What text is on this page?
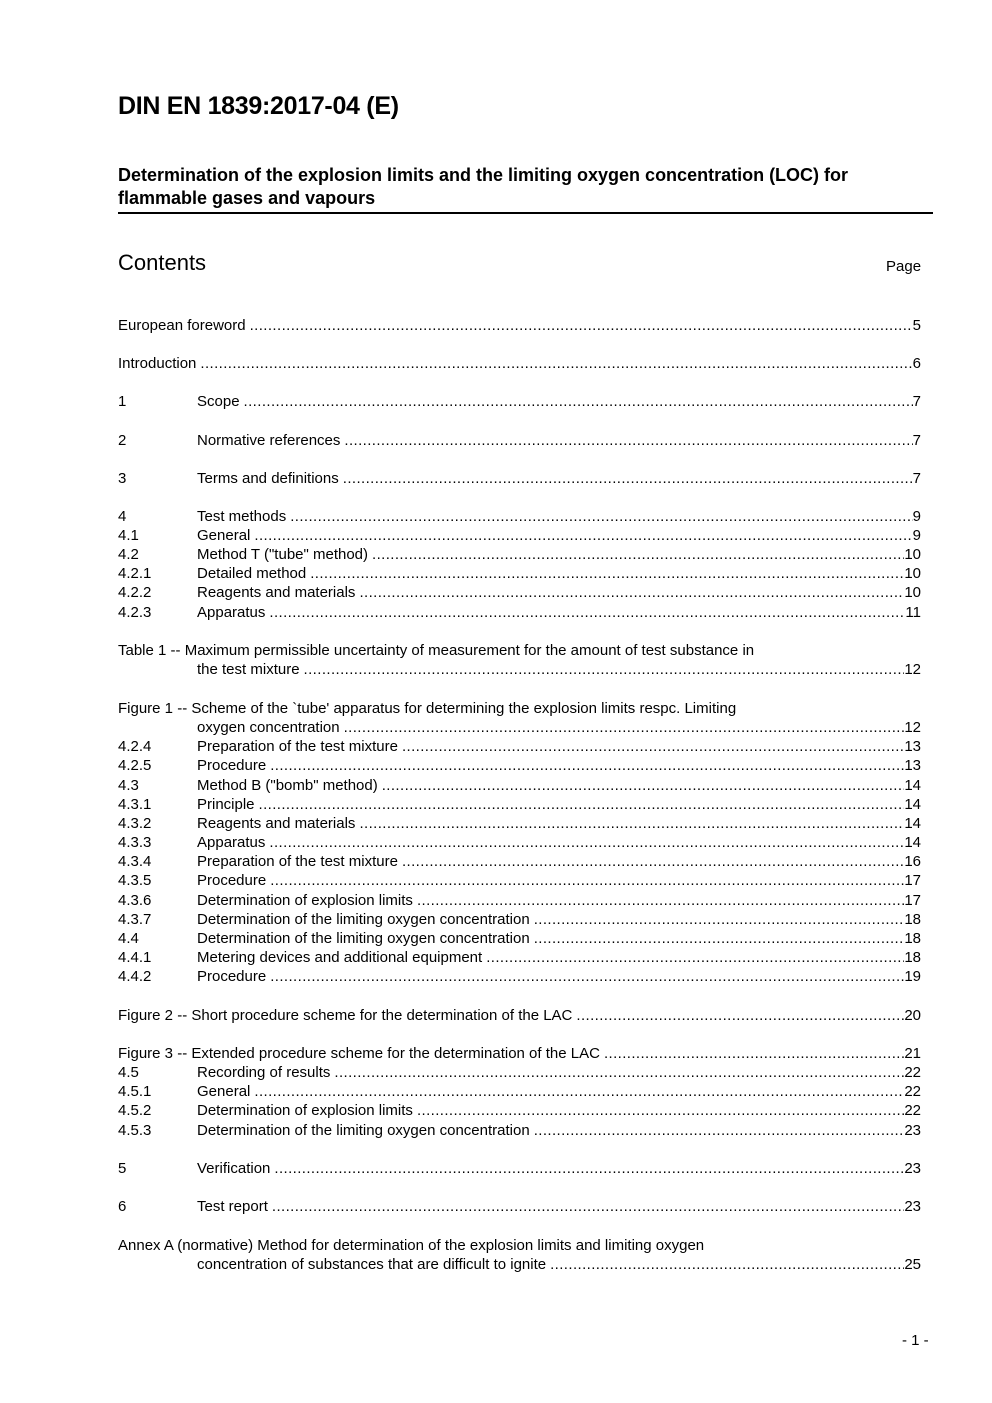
DIN EN 1839:2017-04 (E)
Determination of the explosion limits and the limiting oxygen concentration (LOC) for flammable gases and vapours
Contents	Page
European foreword .....	5
Introduction .....	6
1	Scope .....	7
2	Normative references .....	7
3	Terms and definitions .....	7
4	Test methods .....	9
4.1	General .....	9
4.2	Method T ("tube" method) .....	10
4.2.1	Detailed method .....	10
4.2.2	Reagents and materials .....	10
4.2.3	Apparatus .....	11
Table 1 -- Maximum permissible uncertainty of measurement for the amount of test substance in
the test mixture .....	12
Figure 1 -- Scheme of the `tube' apparatus for determining the explosion limits respc. Limiting
oxygen concentration .....	12
4.2.4	Preparation of the test mixture .....	13
4.2.5	Procedure .....	13
4.3	Method B ("bomb" method) .....	14
4.3.1	Principle .....	14
4.3.2	Reagents and materials .....	14
4.3.3	Apparatus .....	14
4.3.4	Preparation of the test mixture .....	16
4.3.5	Procedure .....	17
4.3.6	Determination of explosion limits .....	17
4.3.7	Determination of the limiting oxygen concentration .....	18
4.4	Determination of the limiting oxygen concentration .....	18
4.4.1	Metering devices and additional equipment .....	18
4.4.2	Procedure .....	19
Figure 2 -- Short procedure scheme for the determination of the LAC .....	20
Figure 3 -- Extended procedure scheme for the determination of the LAC .....	21
4.5	Recording of results .....	22
4.5.1	General .....	22
4.5.2	Determination of explosion limits .....	22
4.5.3	Determination of the limiting oxygen concentration .....	23
5	Verification .....	23
6	Test report .....	23
Annex A (normative) Method for determination of the explosion limits and limiting oxygen
concentration of substances that are difficult to ignite .....	25
- 1 -
